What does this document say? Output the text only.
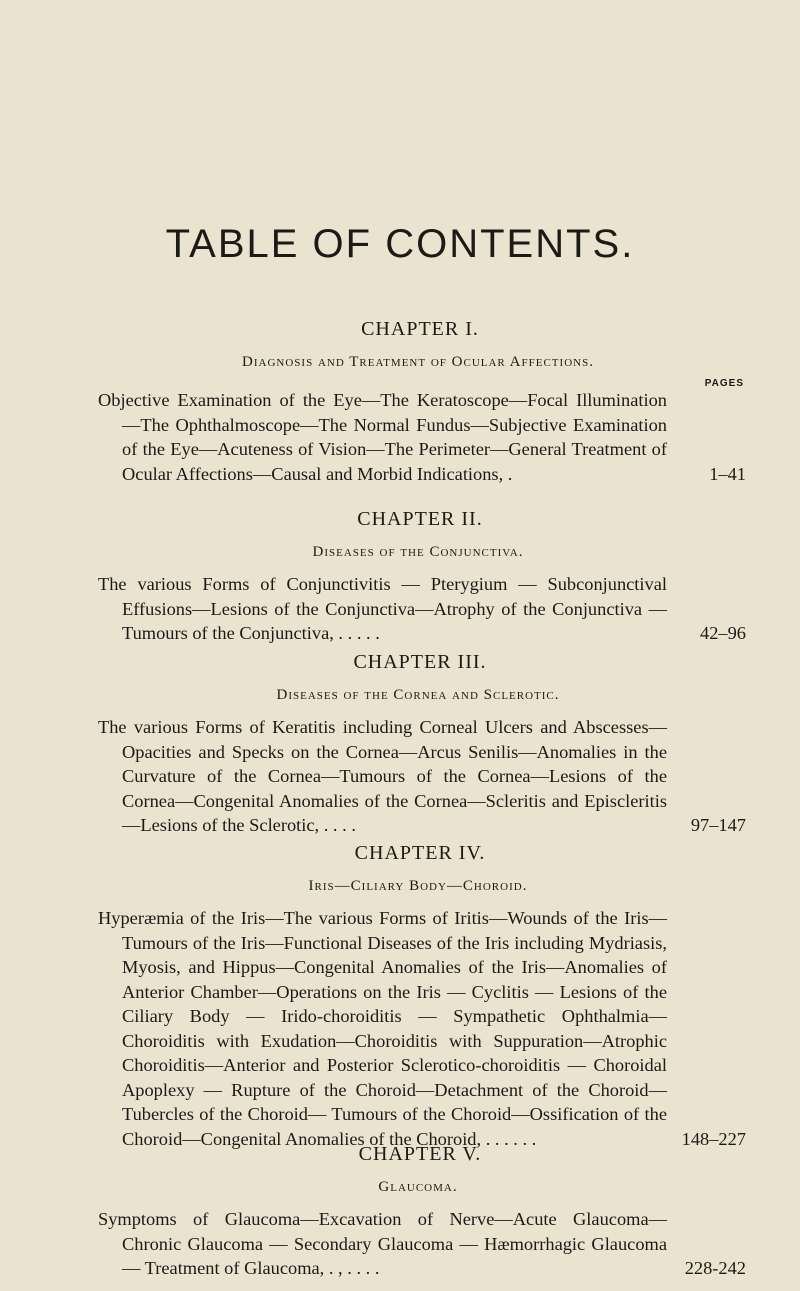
TABLE OF CONTENTS.
CHAPTER I.
Diagnosis and Treatment of Ocular Affections.
PAGES
Objective Examination of the Eye—The Keratoscope—Focal Illumination —The Ophthalmoscope—The Normal Fundus—Subjective Examination of the Eye—Acuteness of Vision—The Perimeter—General Treatment of Ocular Affections—Causal and Morbid Indications, .	1–41
CHAPTER II.
Diseases of the Conjunctiva.
The various Forms of Conjunctivitis — Pterygium — Subconjunctival Effusions—Lesions of the Conjunctiva—Atrophy of the Conjunctiva —Tumours of the Conjunctiva, . . . . .	42–96
CHAPTER III.
Diseases of the Cornea and Sclerotic.
The various Forms of Keratitis including Corneal Ulcers and Abscesses— Opacities and Specks on the Cornea—Arcus Senilis—Anomalies in the Curvature of the Cornea—Tumours of the Cornea—Lesions of the Cornea—Congenital Anomalies of the Cornea—Scleritis and Episcleritis—Lesions of the Sclerotic, . . . .	97–147
CHAPTER IV.
Iris—Ciliary Body—Choroid.
Hyperæmia of the Iris—The various Forms of Iritis—Wounds of the Iris—Tumours of the Iris—Functional Diseases of the Iris including Mydriasis, Myosis, and Hippus—Congenital Anomalies of the Iris—Anomalies of Anterior Chamber—Operations on the Iris — Cyclitis — Lesions of the Ciliary Body — Irido-choroiditis — Sympathetic Ophthalmia—Choroiditis with Exudation—Choroiditis with Suppuration—Atrophic Choroiditis—Anterior and Posterior Sclerotico-choroiditis — Choroidal Apoplexy — Rupture of the Choroid—Detachment of the Choroid—Tubercles of the Choroid— Tumours of the Choroid—Ossification of the Choroid—Congenital Anomalies of the Choroid, . . . . . .	148–227
CHAPTER V.
Glaucoma.
Symptoms of Glaucoma—Excavation of Nerve—Acute Glaucoma—Chronic Glaucoma — Secondary Glaucoma — Hæmorrhagic Glaucoma — Treatment of Glaucoma, . , . . . .	228-242
